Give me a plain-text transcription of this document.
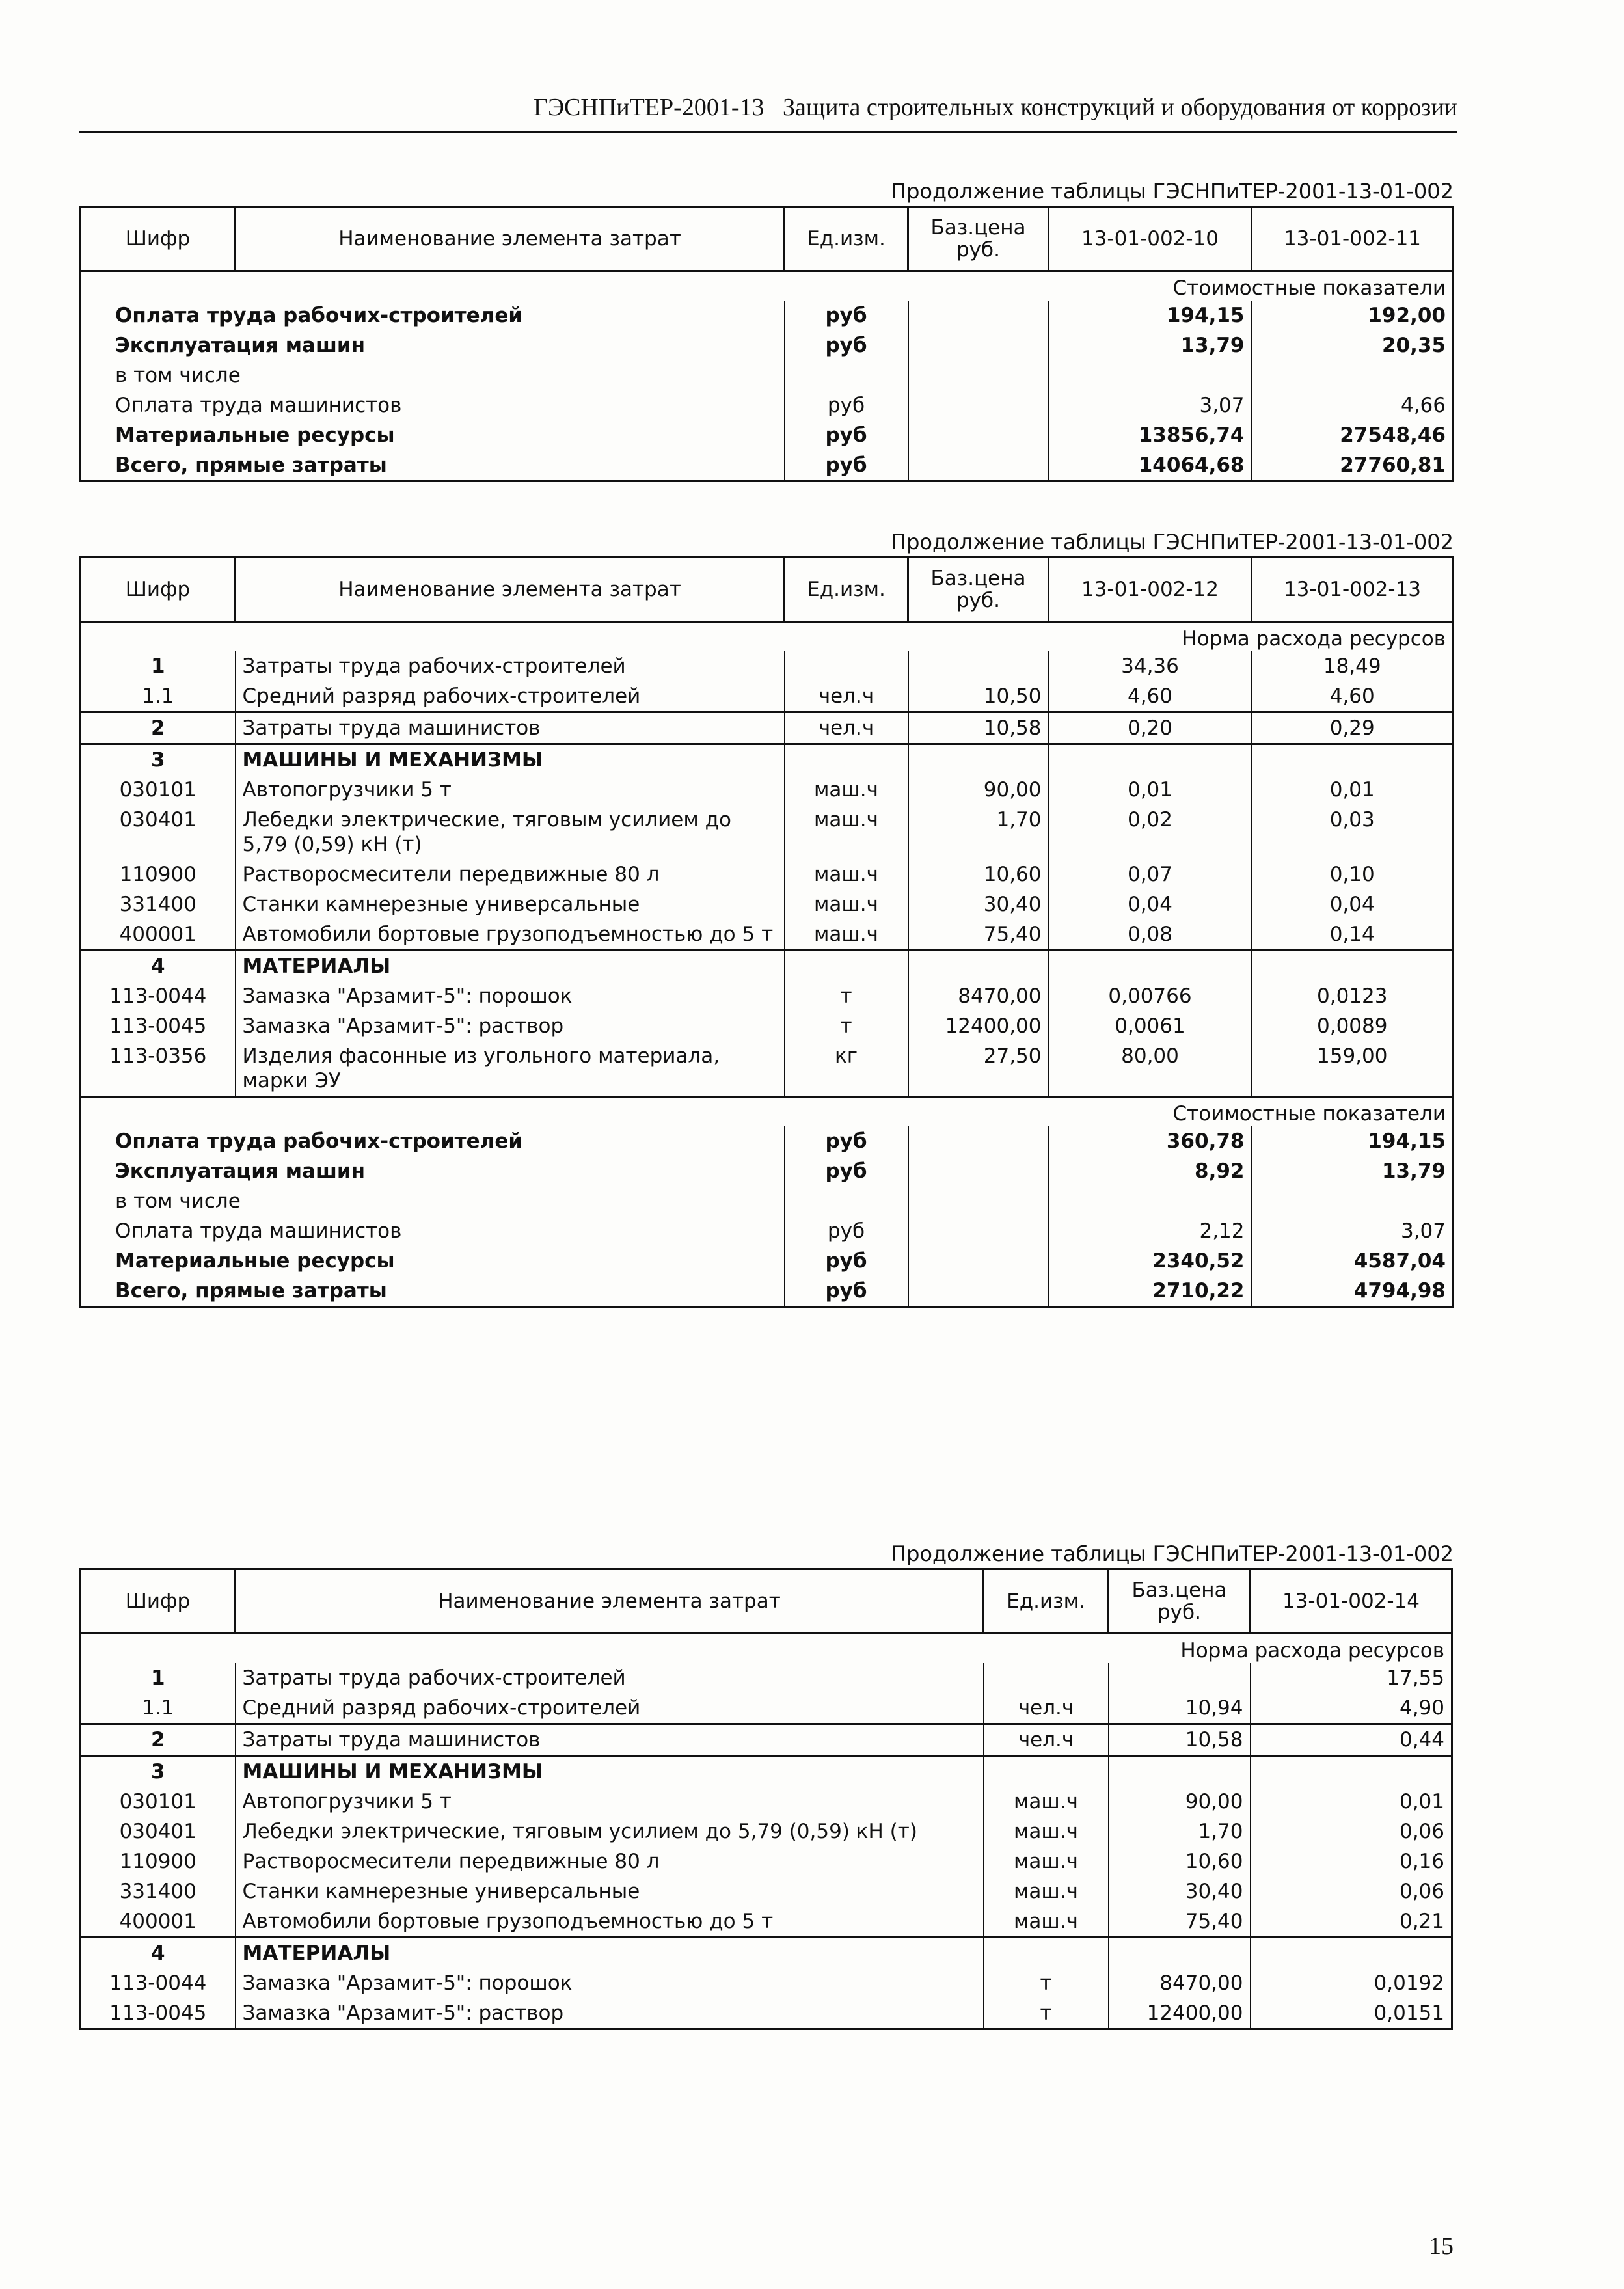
ГЭСНПиТЕР-2001-13 Защита строительных конструкций и оборудования от коррозии
Продолжение таблицы ГЭСНПиТЕР-2001-13-01-002
Шифр	Наименование элемента затрат	Ед.изм.	Баз.цена
руб.	13-01-002-10	13-01-002-11
Стоимостные показатели					
Оплата труда рабочих-строителей		руб		194,15	192,00
Эксплуатация машин		руб		13,79	20,35
в том числе					
Оплата труда машинистов		руб		3,07	4,66
Материальные ресурсы		руб		13856,74	27548,46
Всего, прямые затраты		руб		14064,68	27760,81
Продолжение таблицы ГЭСНПиТЕР-2001-13-01-002
Шифр	Наименование элемента затрат	Ед.изм.	Баз.цена
руб.	13-01-002-12	13-01-002-13
Норма расхода ресурсов					
1	Затраты труда рабочих-строителей			34,36	18,49
1.1	Средний разряд рабочих-строителей	чел.ч	10,50	4,60	4,60
2	Затраты труда машинистов	чел.ч	10,58	0,20	0,29
3	МАШИНЫ И МЕХАНИЗМЫ				
030101	Автопогрузчики 5 т	маш.ч	90,00	0,01	0,01
030401	Лебедки электрические, тяговым усилием до 5,79 (0,59) кН (т)	маш.ч	1,70	0,02	0,03
110900	Растворосмесители передвижные 80 л	маш.ч	10,60	0,07	0,10
331400	Станки камнерезные универсальные	маш.ч	30,40	0,04	0,04
400001	Автомобили бортовые грузоподъемностью до 5 т	маш.ч	75,40	0,08	0,14
4	МАТЕРИАЛЫ				
113-0044	Замазка "Арзамит-5": порошок	т	8470,00	0,00766	0,0123
113-0045	Замазка "Арзамит-5": раствор	т	12400,00	0,0061	0,0089
113-0356	Изделия фасонные из угольного материала, марки ЭУ	кг	27,50	80,00	159,00
Стоимостные показатели					
Оплата труда рабочих-строителей		руб		360,78	194,15
Эксплуатация машин		руб		8,92	13,79
в том числе					
Оплата труда машинистов		руб		2,12	3,07
Материальные ресурсы		руб		2340,52	4587,04
Всего, прямые затраты		руб		2710,22	4794,98
Продолжение таблицы ГЭСНПиТЕР-2001-13-01-002
Шифр	Наименование элемента затрат	Ед.изм.	Баз.цена
руб.	13-01-002-14
Норма расхода ресурсов				
1	Затраты труда рабочих-строителей			17,55
1.1	Средний разряд рабочих-строителей	чел.ч	10,94	4,90
2	Затраты труда машинистов	чел.ч	10,58	0,44
3	МАШИНЫ И МЕХАНИЗМЫ			
030101	Автопогрузчики 5 т	маш.ч	90,00	0,01
030401	Лебедки электрические, тяговым усилием до 5,79 (0,59) кН (т)	маш.ч	1,70	0,06
110900	Растворосмесители передвижные 80 л	маш.ч	10,60	0,16
331400	Станки камнерезные универсальные	маш.ч	30,40	0,06
400001	Автомобили бортовые грузоподъемностью до 5 т	маш.ч	75,40	0,21
4	МАТЕРИАЛЫ			
113-0044	Замазка "Арзамит-5": порошок	т	8470,00	0,0192
113-0045	Замазка "Арзамит-5": раствор	т	12400,00	0,0151
15
